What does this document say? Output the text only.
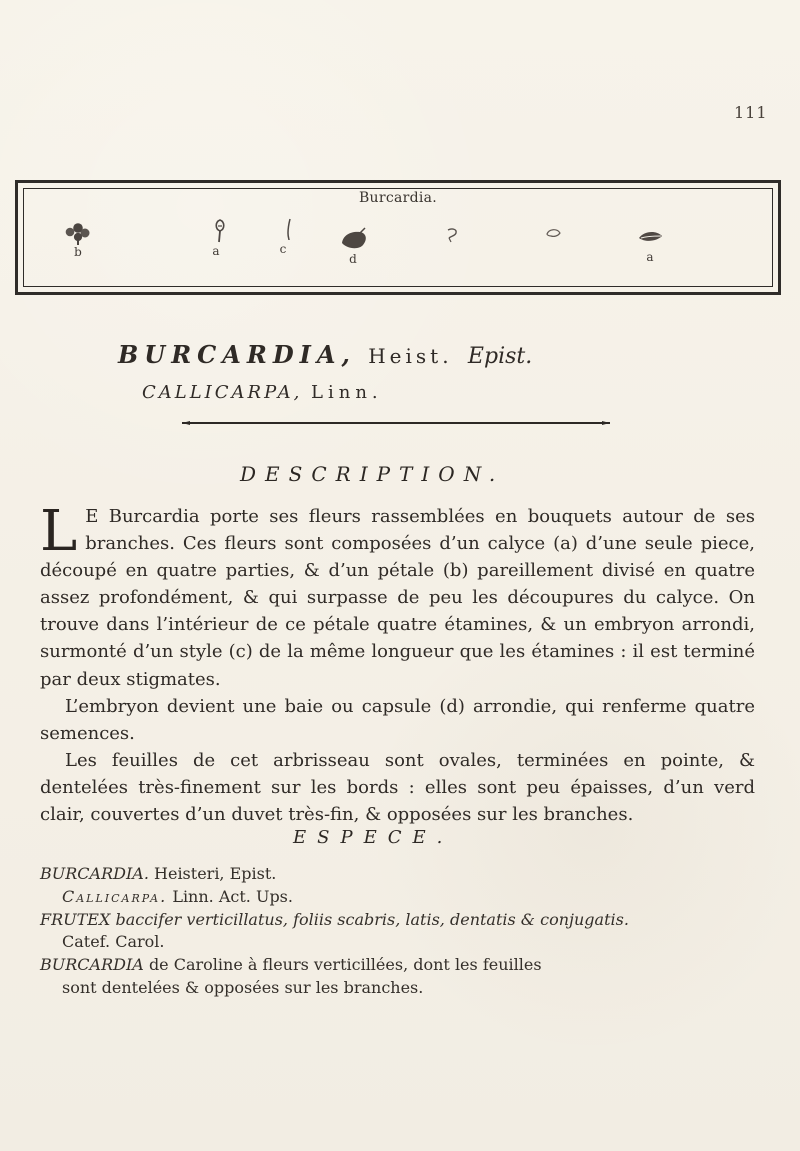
111
Burcardia.
b	a	c
d	a
BURCARDIA, Heist. Epist.
CALLICARPA, Linn.
DESCRIPTION.

L E Burcardia porte ses fleurs rassemblées en bouquets autour de ses branches. Ces fleurs sont composées d’un calyce (a) d’une seule piece, découpé en quatre parties, & d’un pétale (b) pareillement divisé en quatre assez profondément, & qui surpasse de peu les découpures du calyce. On trouve dans l’intérieur de ce pétale quatre étamines, & un embryon arrondi, surmonté d’un style (c) de la même longueur que les étamines : il est terminé par deux stigmates.

L’embryon devient une baie ou capsule (d) arrondie, qui renferme quatre semences.

Les feuilles de cet arbrisseau sont ovales, terminées en pointe, & dentelées très-finement sur les bords : elles sont peu épaisses, d’un verd clair, couvertes d’un duvet très-fin, & opposées sur les branches.

ESPECE.
BURCARDIA. Heisteri, Epist.
Callicarpa. Linn. Act. Ups.
FRUTEX baccifer verticillatus, foliis scabris, latis, dentatis & conjugatis.
Catef. Carol.
BURCARDIA de Caroline à fleurs verticillées, dont les feuilles
sont dentelées & opposées sur les branches.
